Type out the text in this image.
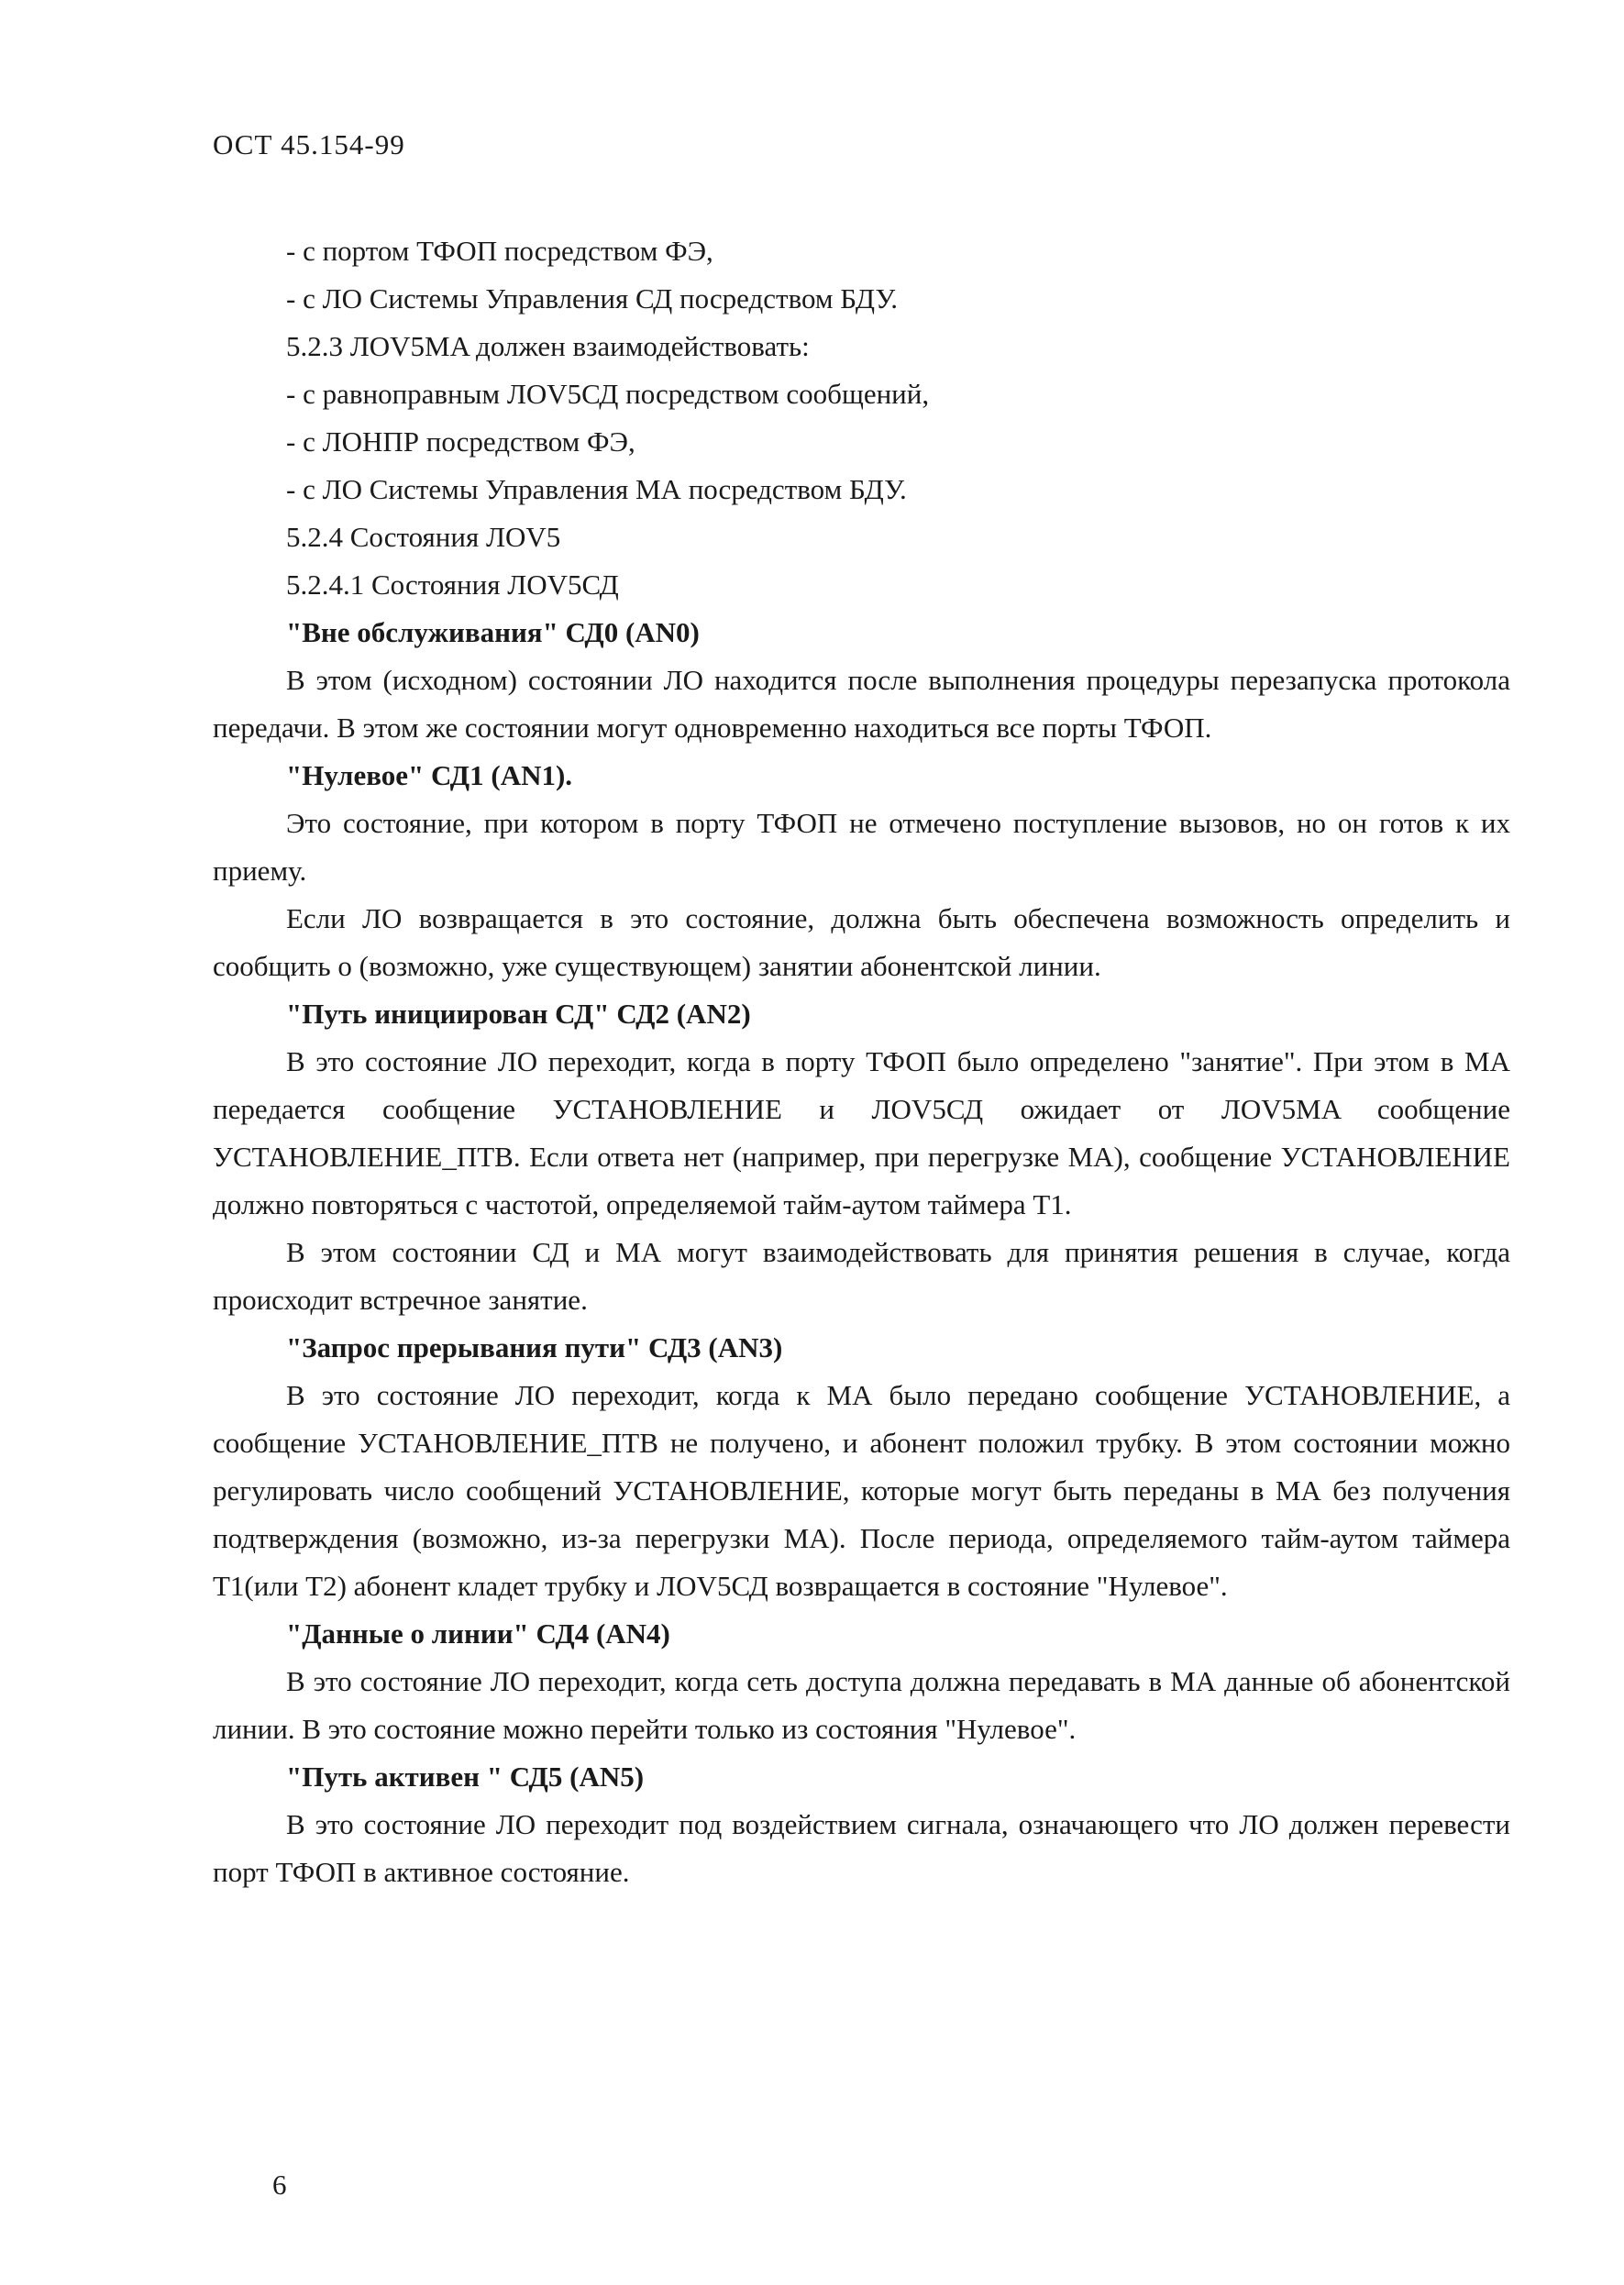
ОСТ 45.154-99
- с портом ТФОП посредством ФЭ,
- с ЛО Системы Управления СД посредством БДУ.
5.2.3 ЛОV5MA должен взаимодействовать:
- с равноправным ЛОV5СД посредством сообщений,
- с ЛОНПР посредством ФЭ,
- с ЛО Системы Управления МА посредством БДУ.
5.2.4 Состояния ЛОV5
5.2.4.1 Состояния ЛОV5СД
"Вне обслуживания" СД0 (AN0)

В этом (исходном) состоянии ЛО находится после выполнения процедуры перезапуска протокола передачи. В этом же состоянии могут одновременно находиться все порты ТФОП.

"Нулевое" СД1 (AN1).

Это состояние, при котором в порту ТФОП не отмечено поступление вызовов, но он готов к их приему.

Если ЛО возвращается в это состояние, должна быть обеспечена возможность определить и сообщить о (возможно, уже существующем) занятии абонентской линии.

"Путь инициирован СД" СД2 (AN2)

В это состояние ЛО переходит, когда в порту ТФОП было определено "занятие". При этом в МА передается сообщение УСТАНОВЛЕНИЕ и ЛОV5СД ожидает от ЛОV5MA сообщение УСТАНОВЛЕНИЕ_ПТВ. Если ответа нет (например, при перегрузке МА), сообщение УСТАНОВЛЕНИЕ должно повторяться с частотой, определяемой тайм-аутом таймера Т1.

В этом состоянии СД и МА могут взаимодействовать для принятия решения в случае, когда происходит встречное занятие.

"Запрос прерывания пути" СД3 (AN3)

В это состояние ЛО переходит, когда к МА было передано сообщение УСТАНОВЛЕНИЕ, а сообщение УСТАНОВЛЕНИЕ_ПТВ не получено, и абонент положил трубку. В этом состоянии можно регулировать число сообщений УСТАНОВЛЕНИЕ, которые могут быть переданы в МА без получения подтверждения (возможно, из-за перегрузки МА). После периода, определяемого тайм-аутом таймера Т1(или Т2) абонент кладет трубку и ЛОV5СД возвращается в состояние "Нулевое".

"Данные о линии" СД4 (AN4)

В это состояние ЛО переходит, когда сеть доступа должна передавать в МА данные об абонентской линии. В это состояние можно перейти только из состояния "Нулевое".

"Путь активен " СД5 (AN5)

В это состояние ЛО переходит под воздействием сигнала, означающего что ЛО должен перевести порт ТФОП в активное состояние.

6
